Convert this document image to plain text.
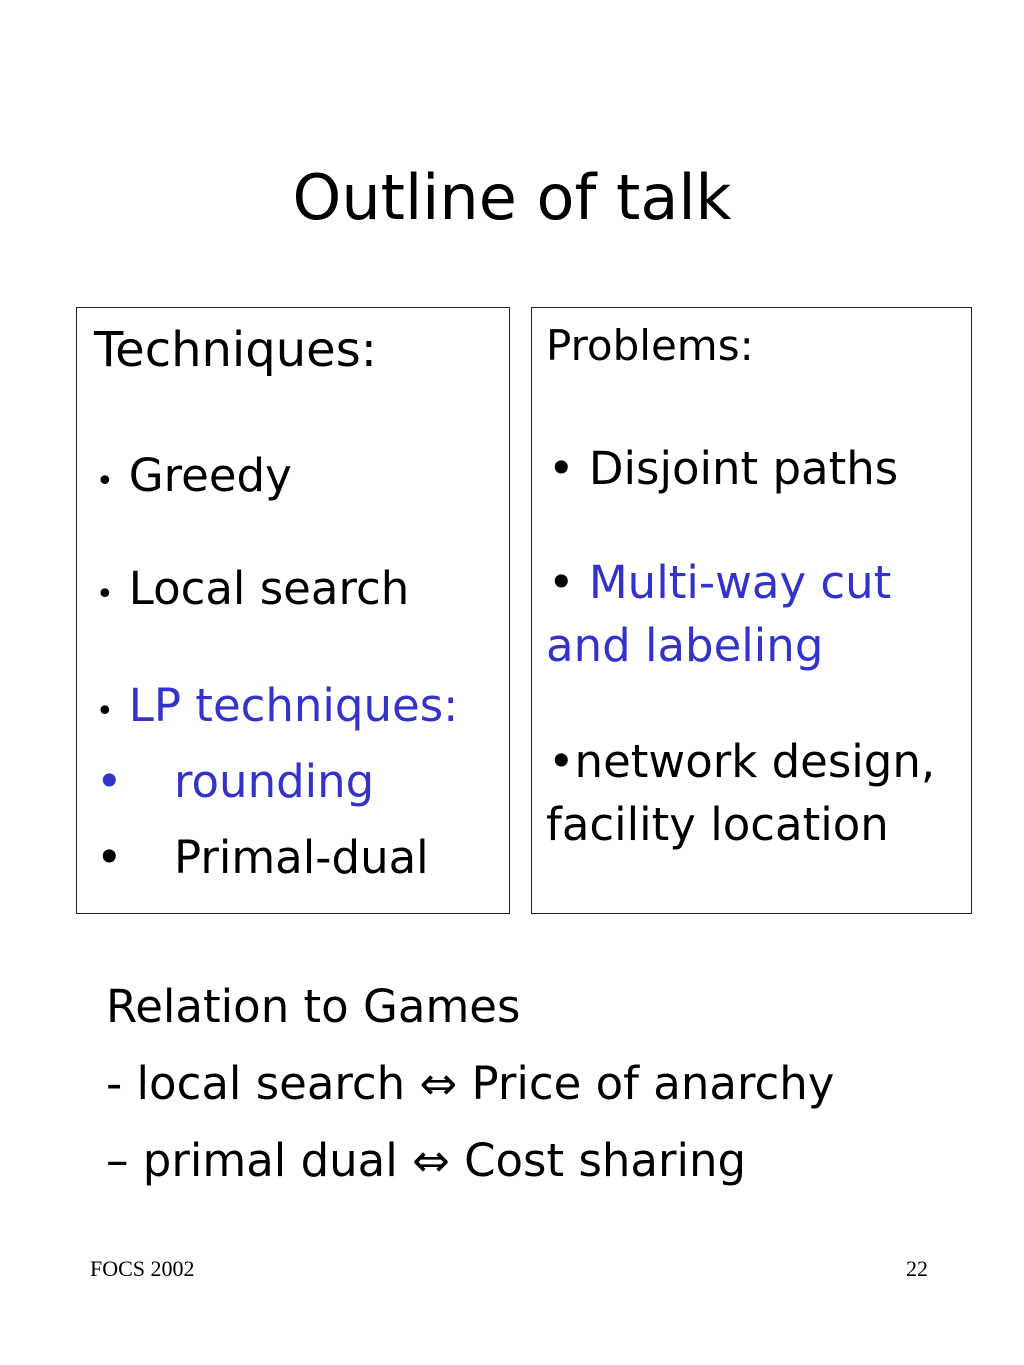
Outline of talk
Techniques:
• Greedy
• Local search
• LP techniques:
• rounding
• Primal-dual
Problems:
• Disjoint paths
• Multi-way cut
and labeling
•network design,
facility location
Relation to Games
- local search ⇔ Price of anarchy
– primal dual ⇔ Cost sharing
FOCS 2002	22
